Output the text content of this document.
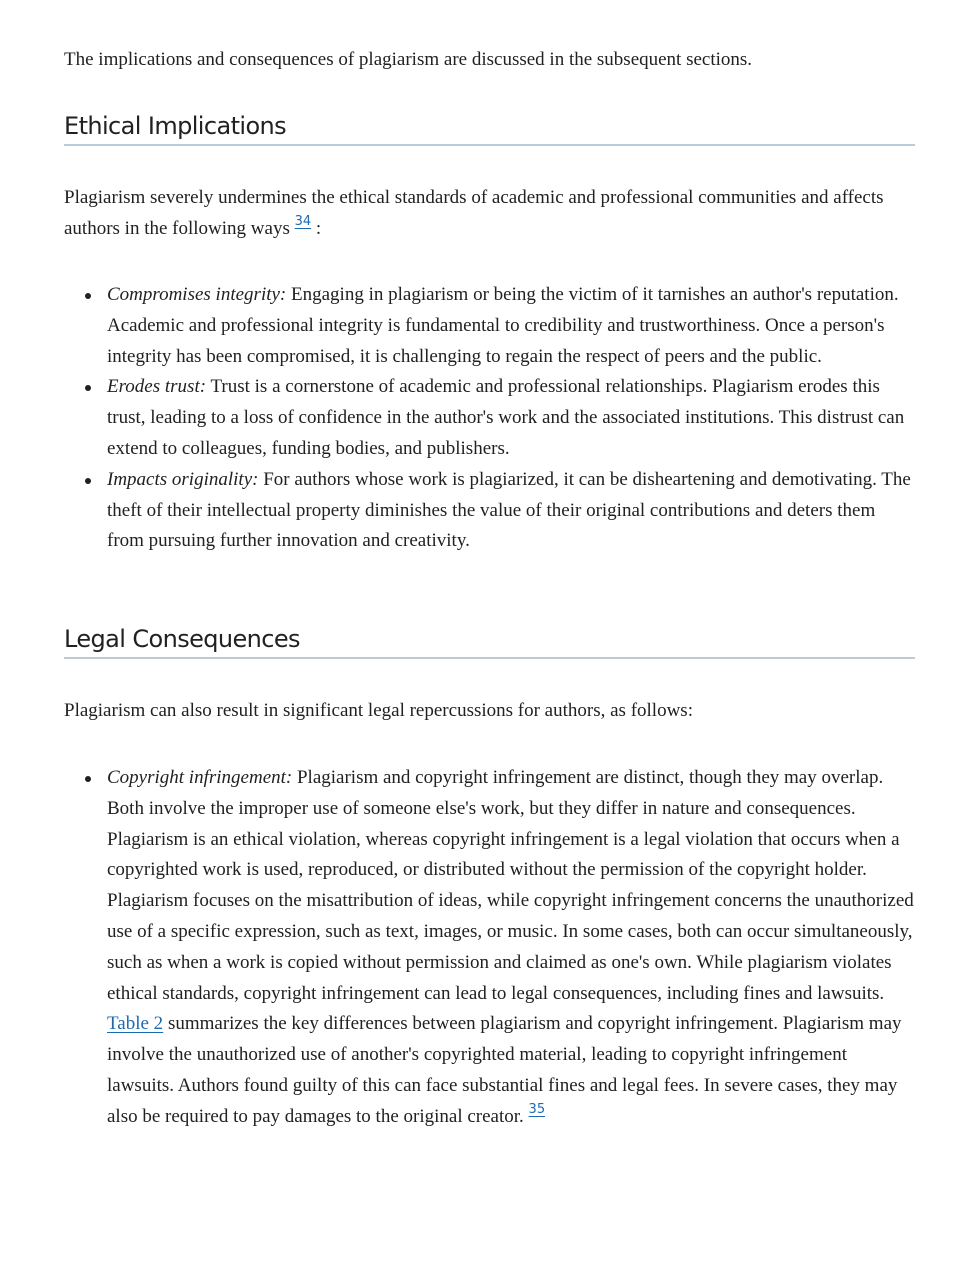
The implications and consequences of plagiarism are discussed in the subsequent sections.

Ethical Implications

Plagiarism severely undermines the ethical standards of academic and professional communities and affects authors in the following ways $^{34}$ :

Compromises integrity: Engaging in plagiarism or being the victim of it tarnishes an author's reputation. Academic and professional integrity is fundamental to credibility and trustworthiness. Once a person's integrity has been compromised, it is challenging to regain the respect of peers and the public.
Erodes trust: Trust is a cornerstone of academic and professional relationships. Plagiarism erodes this trust, leading to a loss of confidence in the author's work and the associated institutions. This distrust can extend to colleagues, funding bodies, and publishers.
Impacts originality: For authors whose work is plagiarized, it can be disheartening and demotivating. The theft of their intellectual property diminishes the value of their original contributions and deters them from pursuing further innovation and creativity.
Legal Consequences

Plagiarism can also result in significant legal repercussions for authors, as follows:

Copyright infringement: Plagiarism and copyright infringement are distinct, though they may overlap. Both involve the improper use of someone else's work, but they differ in nature and consequences. Plagiarism is an ethical violation, whereas copyright infringement is a legal violation that occurs when a copyrighted work is used, reproduced, or distributed without the permission of the copyright holder. Plagiarism focuses on the misattribution of ideas, while copyright infringement concerns the unauthorized use of a specific expression, such as text, images, or music. In some cases, both can occur simultaneously, such as when a work is copied without permission and claimed as one's own. While plagiarism violates ethical standards, copyright infringement can lead to legal consequences, including fines and lawsuits. Table 2 summarizes the key differences between plagiarism and copyright infringement. Plagiarism may involve the unauthorized use of another's copyrighted material, leading to copyright infringement lawsuits. Authors found guilty of this can face substantial fines and legal fees. In severe cases, they may also be required to pay damages to the original creator. $^{35}$
